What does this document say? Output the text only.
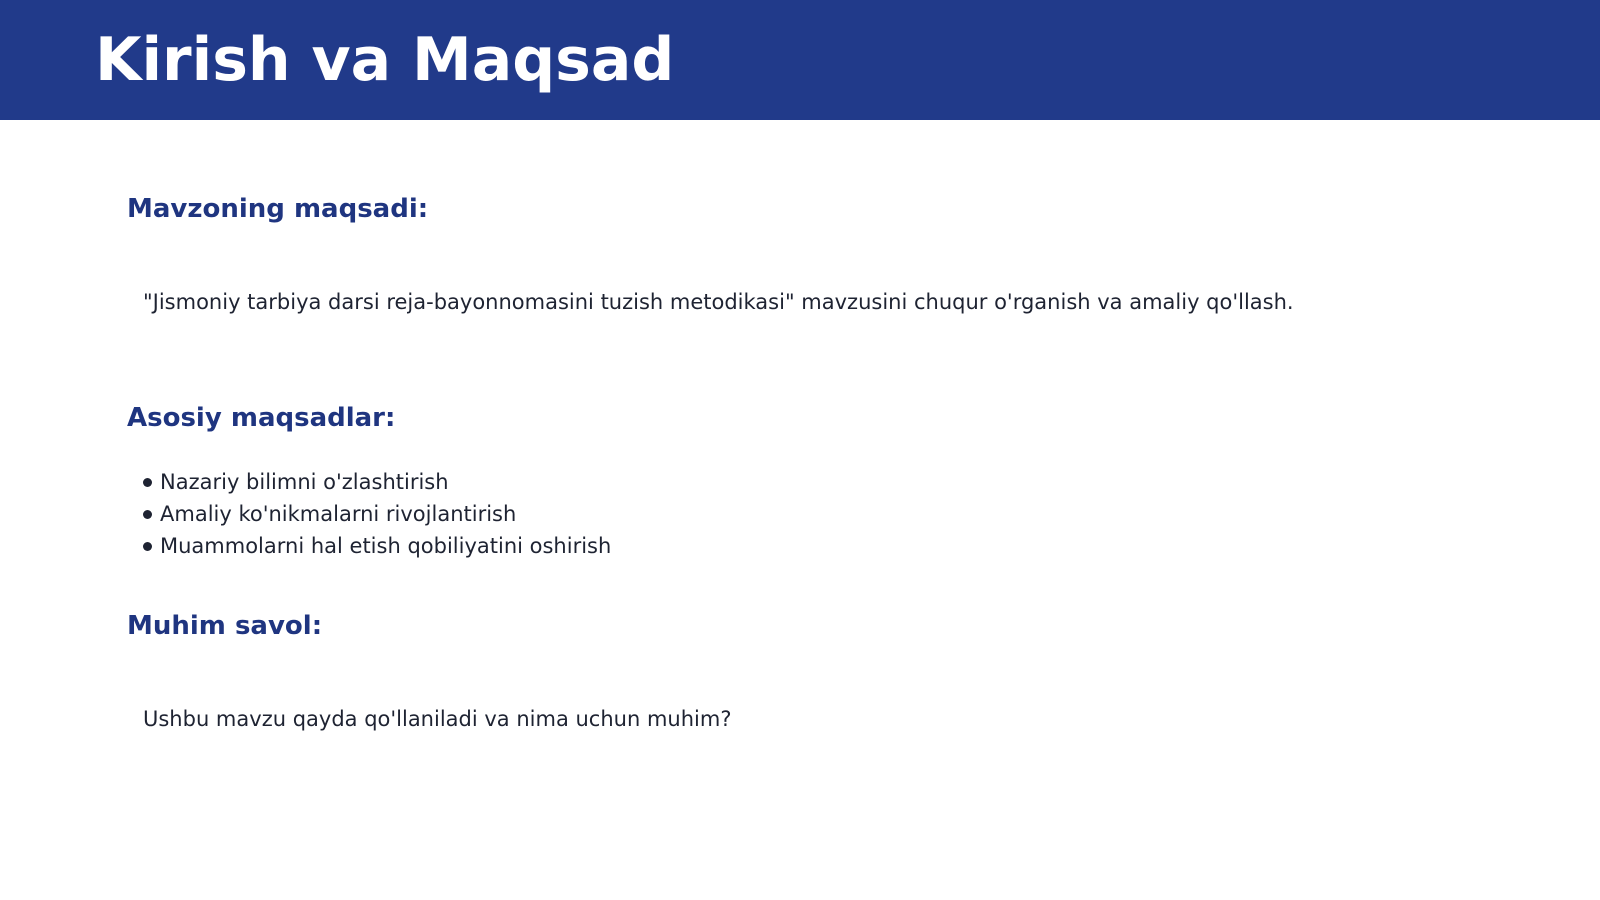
Kirish va Maqsad
Mavzoning maqsadi:

"Jismoniy tarbiya darsi reja-bayonnomasini tuzish metodikasi" mavzusini chuqur o'rganish va amaliy qo'llash.

Asosiy maqsadlar:
Nazariy bilimni o'zlashtirish
Amaliy ko'nikmalarni rivojlantirish
Muammolarni hal etish qobiliyatini oshirish
Muhim savol:

Ushbu mavzu qayda qo'llaniladi va nima uchun muhim?
